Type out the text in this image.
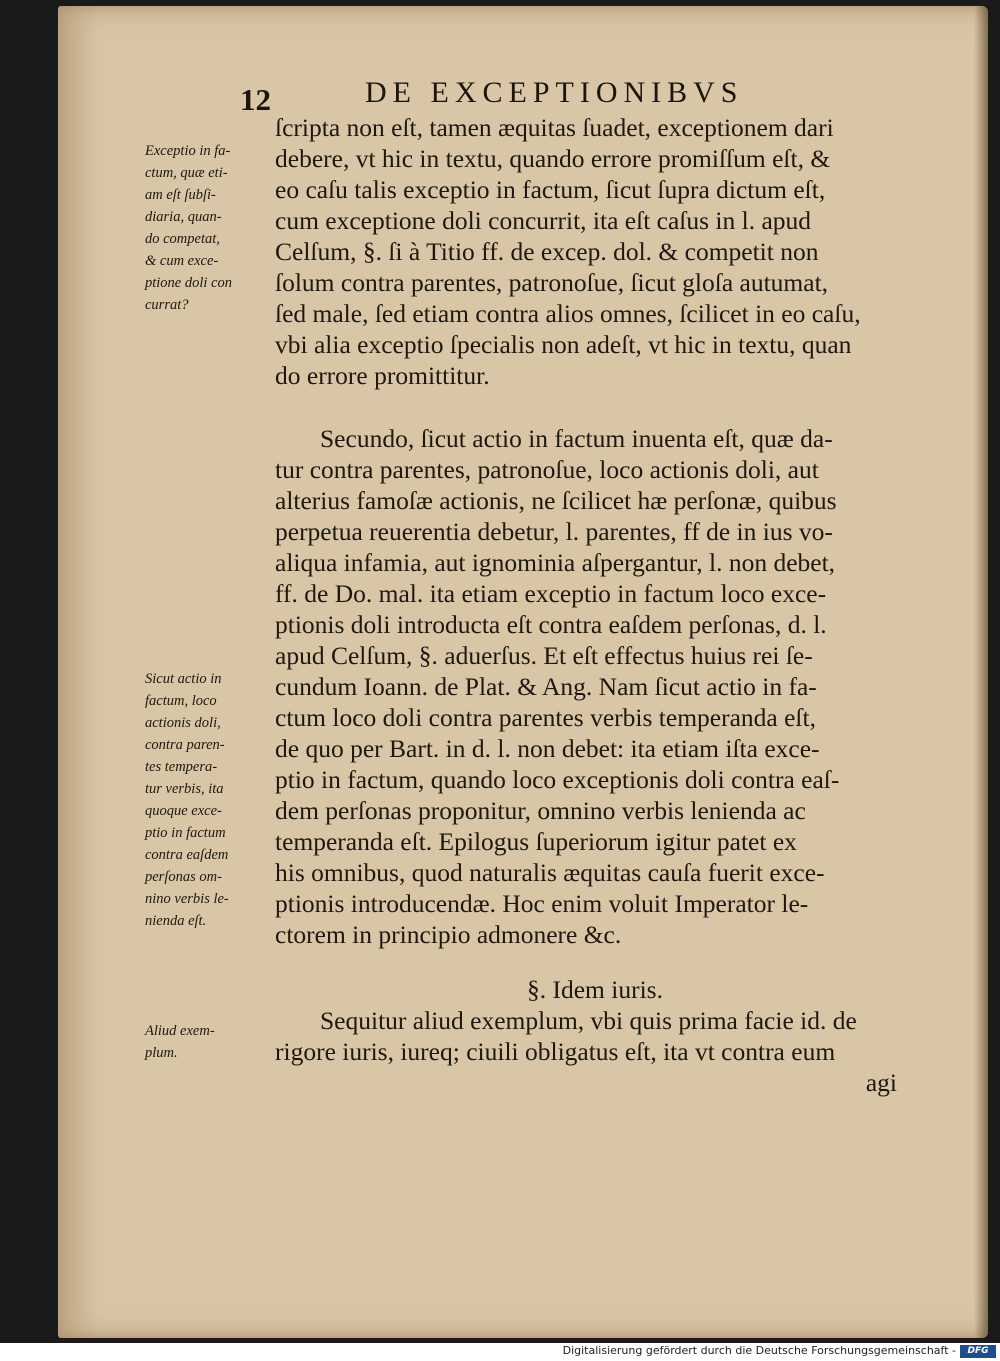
12	DE EXCEPTIONIBVS
Exceptio in fa-
ctum, quæ eti-
am eſt ſubſi-
diaria, quan-
do competat,
& cum exce-
ptione doli con
currat?
Sicut actio in
factum, loco
actionis doli,
contra paren-
tes tempera-
tur verbis, ita
quoque exce-
ptio in factum
contra eaſdem
perſonas om-
nino verbis le-
nienda eſt.
Aliud exem-
plum.
ſcripta non eſt, tamen æquitas ſuadet, exceptionem dari
debere, vt hic in textu, quando errore promiſſum eſt, &
eo caſu talis exceptio in factum, ſicut ſupra dictum eſt,
cum exceptione doli concurrit, ita eſt caſus in l. apud
Celſum, §. ſi à Titio ff. de excep. dol. & competit non
ſolum contra parentes, patronoſue, ſicut gloſa autumat,
ſed male, ſed etiam contra alios omnes, ſcilicet in eo caſu,
vbi alia exceptio ſpecialis non adeſt, vt hic in textu, quan
do errore promittitur.
Secundo, ſicut actio in factum inuenta eſt, quæ da-
tur contra parentes, patronoſue, loco actionis doli, aut
alterius famoſæ actionis, ne ſcilicet hæ perſonæ, quibus
perpetua reuerentia debetur, l. parentes, ff de in ius vo-
aliqua infamia, aut ignominia aſpergantur, l. non debet,
ff. de Do. mal. ita etiam exceptio in factum loco exce-
ptionis doli introducta eſt contra eaſdem perſonas, d. l.
apud Celſum, §. aduerſus. Et eſt effectus huius rei ſe-
cundum Ioann. de Plat. & Ang. Nam ſicut actio in fa-
ctum loco doli contra parentes verbis temperanda eſt,
de quo per Bart. in d. l. non debet: ita etiam iſta exce-
ptio in factum, quando loco exceptionis doli contra eaſ-
dem perſonas proponitur, omnino verbis lenienda ac
temperanda eſt. Epilogus ſuperiorum igitur patet ex
his omnibus, quod naturalis æquitas cauſa fuerit exce-
ptionis introducendæ. Hoc enim voluit Imperator le-
ctorem in principio admonere &c.
§. Idem iuris.
Sequitur aliud exemplum, vbi quis prima facie id. de
rigore iuris, iureq; ciuili obligatus eſt, ita vt contra eum
agi
Digitalisierung gefördert durch die Deutsche Forschungsgemeinschaft -	DFG
